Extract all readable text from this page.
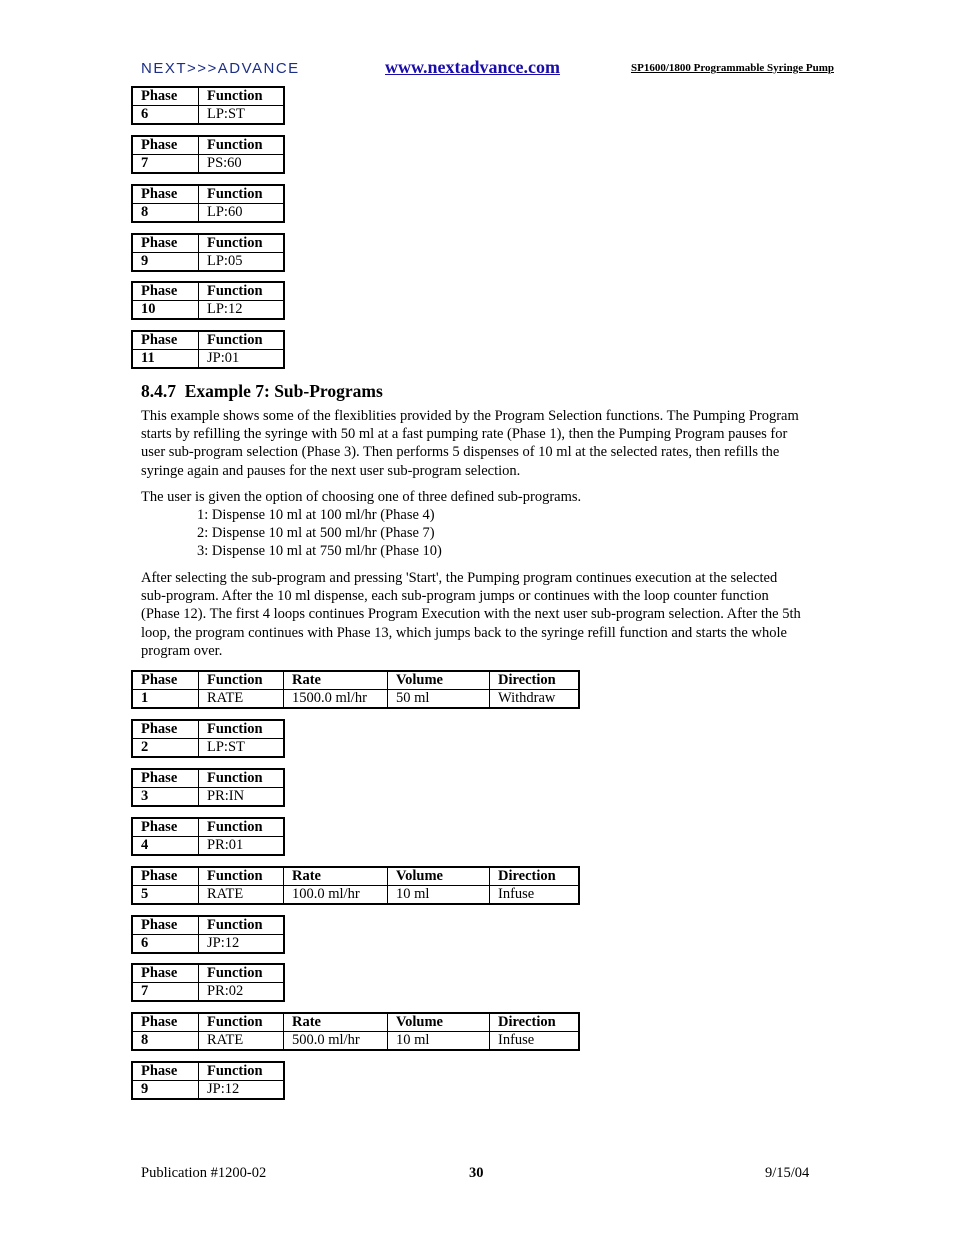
NEXT>>>ADVANCE	www.nextadvance.com	SP1600/1800 Programmable Syringe Pump
Phase	Function
6	LP:ST
Phase	Function
7	PS:60
Phase	Function
8	LP:60
Phase	Function
9	LP:05
Phase	Function
10	LP:12
Phase	Function
11	JP:01
8.4.7 Example 7: Sub-Programs

This example shows some of the flexiblities provided by the Program Selection functions. The Pumping Program starts by refilling the syringe with 50 ml at a fast pumping rate (Phase 1), then the Pumping Program pauses for user sub-program selection (Phase 3). Then performs 5 dispenses of 10 ml at the selected rates, then refills the syringe again and pauses for the next user sub-program selection.

The user is given the option of choosing one of three defined sub-programs.

1: Dispense 10 ml at 100 ml/hr (Phase 4)
2: Dispense 10 ml at 500 ml/hr (Phase 7)
3: Dispense 10 ml at 750 ml/hr (Phase 10)

After selecting the sub-program and pressing 'Start', the Pumping program continues execution at the selected sub-program. After the 10 ml dispense, each sub-program jumps or continues with the loop counter function (Phase 12). The first 4 loops continues Program Execution with the next user sub-program selection. After the 5th loop, the program continues with Phase 13, which jumps back to the syringe refill function and starts the whole program over.

Phase	Function	Rate	Volume	Direction
1	RATE	1500.0 ml/hr	50 ml	Withdraw
Phase	Function
2	LP:ST
Phase	Function
3	PR:IN
Phase	Function
4	PR:01
Phase	Function	Rate	Volume	Direction
5	RATE	100.0 ml/hr	10 ml	Infuse
Phase	Function
6	JP:12
Phase	Function
7	PR:02
Phase	Function	Rate	Volume	Direction
8	RATE	500.0 ml/hr	10 ml	Infuse
Phase	Function
9	JP:12
Publication #1200-02	30	9/15/04
